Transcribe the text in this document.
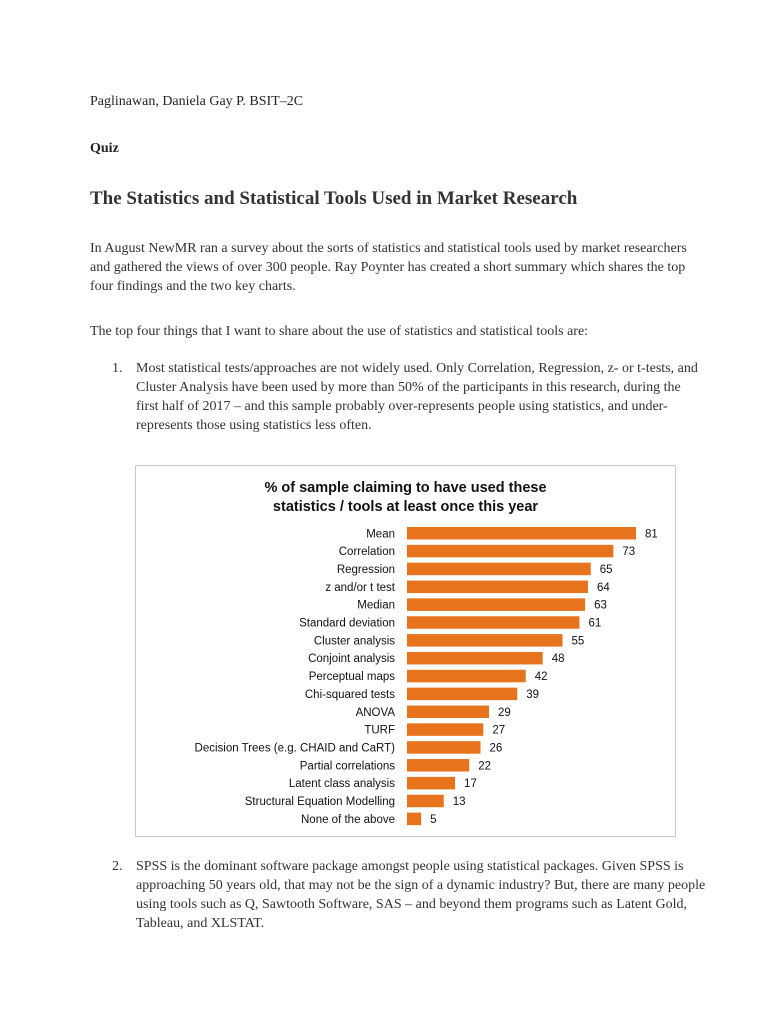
Paglinawan, Daniela Gay P. BSIT–2C
Quiz
The Statistics and Statistical Tools Used in Market Research

In August NewMR ran a survey about the sorts of statistics and statistical tools used by market researchers and gathered the views of over 300 people. Ray Poynter has created a short summary which shares the top four findings and the two key charts.

The top four things that I want to share about the use of statistics and statistical tools are:

1. Most statistical tests/approaches are not widely used. Only Correlation, Regression, z- or t-tests, and Cluster Analysis have been used by more than 50% of the participants in this research, during the first half of 2017 – and this sample probably over-represents people using statistics, and under-represents those using statistics less often.
% of sample claiming to have used these
statistics / tools at least once this year
Mean	81
Correlation	73
Regression	65
z and/or t test	64
Median	63
Standard deviation	61
Cluster analysis	55
Conjoint analysis	48
Perceptual maps	42
Chi-squared tests	39
ANOVA	29
TURF	27
Decision Trees (e.g. CHAID and CaRT)	26
Partial correlations	22
Latent class analysis	17
Structural Equation Modelling	13
None of the above	5
2. SPSS is the dominant software package amongst people using statistical packages. Given SPSS is approaching 50 years old, that may not be the sign of a dynamic industry? But, there are many people using tools such as Q, Sawtooth Software, SAS – and beyond them programs such as Latent Gold, Tableau, and XLSTAT.
